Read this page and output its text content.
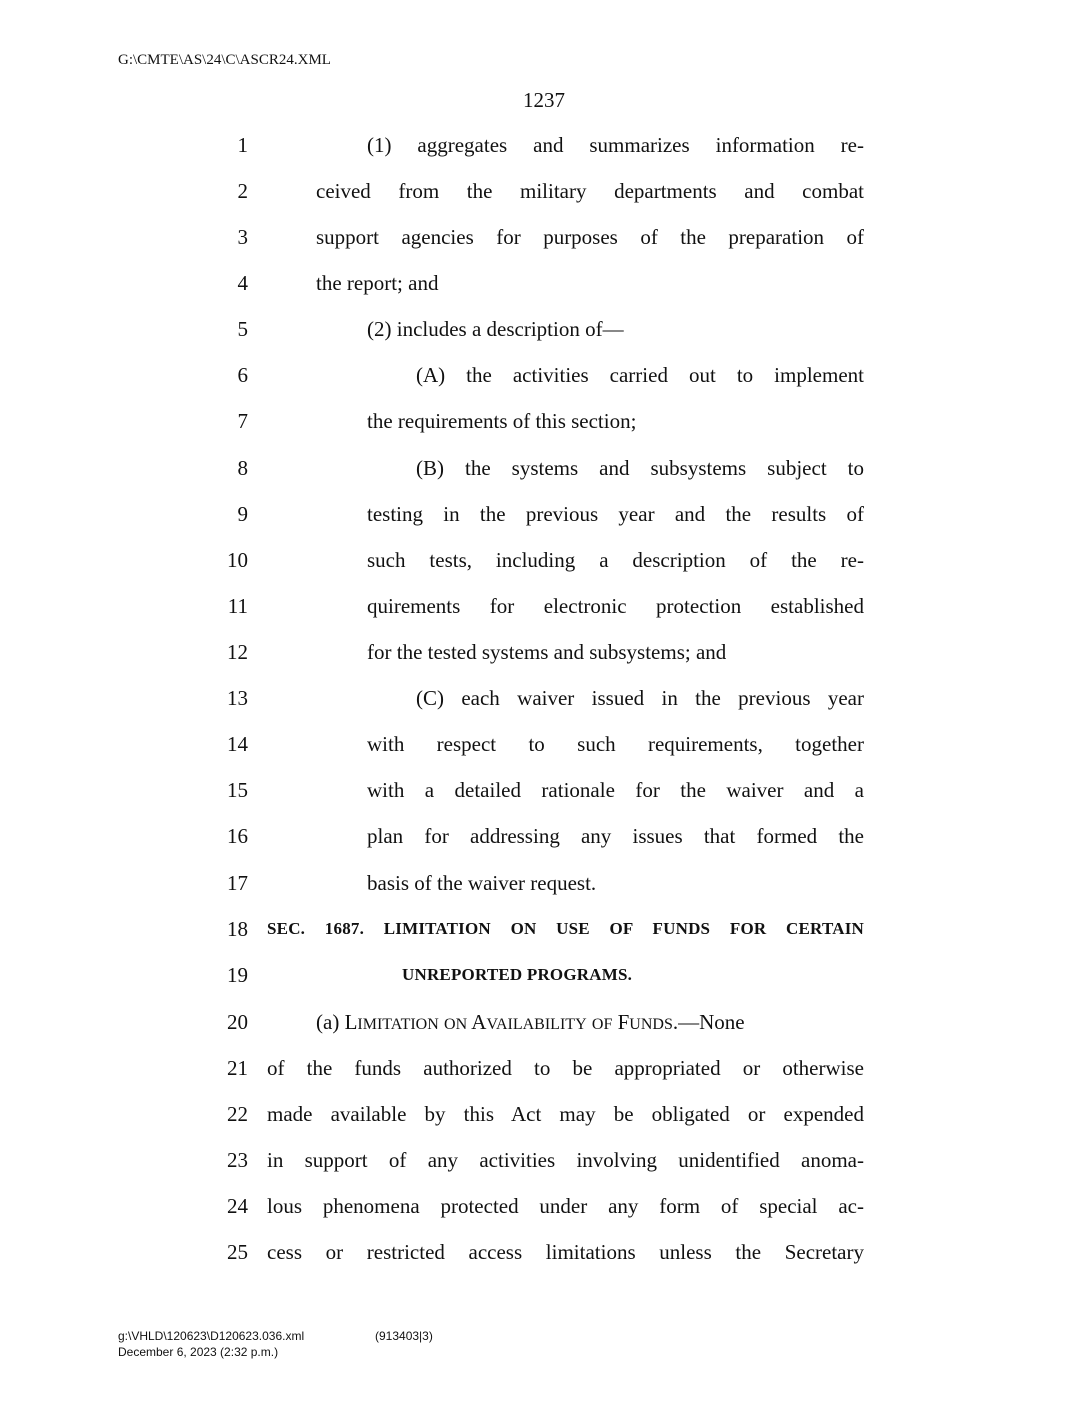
G:\CMTE\AS\24\C\ASCR24.XML
1237
1	(1) aggregates and summarizes information re-
2	ceived from the military departments and combat
3	support agencies for purposes of the preparation of
4	the report; and
5	(2) includes a description of—
6	(A) the activities carried out to implement
7	the requirements of this section;
8	(B) the systems and subsystems subject to
9	testing in the previous year and the results of
10	such tests, including a description of the re-
11	quirements for electronic protection established
12	for the tested systems and subsystems; and
13	(C) each waiver issued in the previous year
14	with respect to such requirements, together
15	with a detailed rationale for the waiver and a
16	plan for addressing any issues that formed the
17	basis of the waiver request.
18 SEC. 1687. LIMITATION ON USE OF FUNDS FOR CERTAIN
19	UNREPORTED PROGRAMS.
20	(a) LIMITATION ON AVAILABILITY OF FUNDS.—None
21 of the funds authorized to be appropriated or otherwise
22 made available by this Act may be obligated or expended
23 in support of any activities involving unidentified anoma-
24 lous phenomena protected under any form of special ac-
25 cess or restricted access limitations unless the Secretary
g:\VHLD\120623\D120623.036.xml	(913403|3)
December 6, 2023 (2:32 p.m.)
